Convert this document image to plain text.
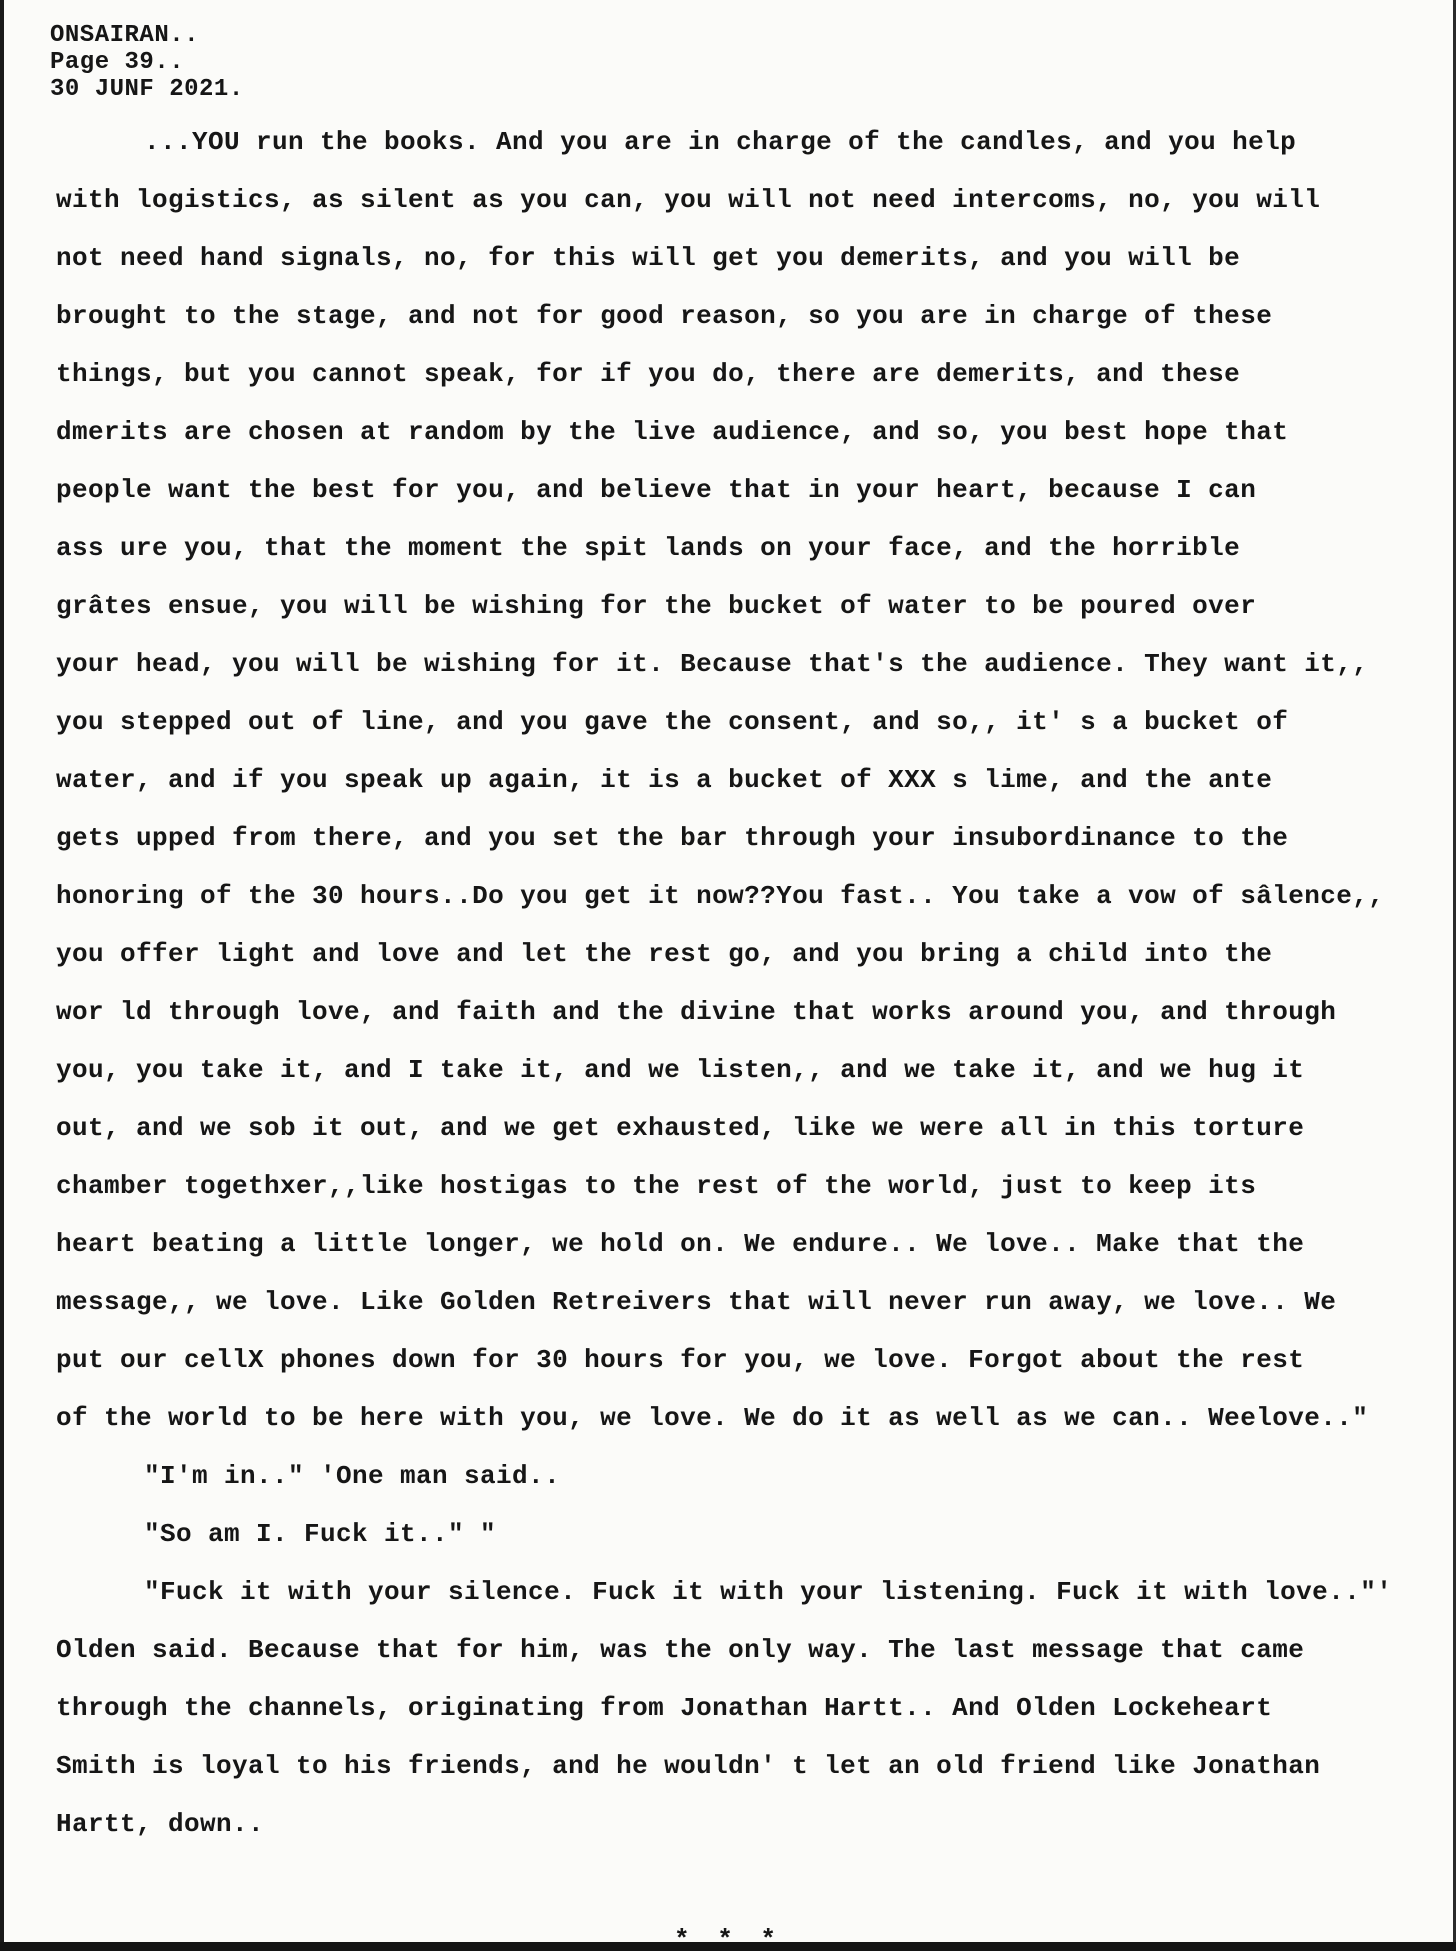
ONSAIRAN..
Page 39..
30 JUNF 2021.
...YOU run the books. And you are in charge of the candles, and you help
with logistics, as silent as you can, you will not need intercoms, no, you will
not need hand signals, no, for this will get you demerits, and you will be
brought to the stage, and not for good reason, so you are in charge of these
things, but you cannot speak, for if you do, there are demerits, and these
dmerits are chosen at random by the live audience, and so, you best hope that
people want the best for you, and believe that in your heart, because I can
ass ure you, that the moment the spit lands on your face, and the horrible
grâtes ensue, you will be wishing for the bucket of water to be poured over
your head, you will be wishing for it. Because that's the audience. They want it,,
you stepped out of line, and you gave the consent, and so,, it' s a bucket of
water, and if you speak up again, it is a bucket of XXX s lime, and the ante
gets upped from there, and you set the bar through your insubordinance to the
honoring of the 30 hours..Do you get it now??You fast.. You take a vow of sâlence,,
you offer light and love and let the rest go, and you bring a child into the
wor ld through love, and faith and the divine that works around you, and through
you, you take it, and I take it, and we listen,, and we take it, and we hug it
out, and we sob it out, and we get exhausted, like we were all in this torture
chamber togethxer,,like hostigas to the rest of the world, just to keep its
heart beating a little longer, we hold on. We endure.. We love.. Make that the
message,, we love. Like Golden Retreivers that will never run away, we love.. We
put our cellX phones down for 30 hours for you, we love. Forgot about the rest
of the world to be here with you, we love. We do it as well as we can.. Weelove.."
"I'm in.." 'One man said..
"So am I. Fuck it.." "
"Fuck it with your silence. Fuck it with your listening. Fuck it with love.."'
Olden said. Because that for him, was the only way. The last message that came
through the channels, originating from Jonathan Hartt.. And Olden Lockeheart
Smith is loyal to his friends, and he wouldn' t let an old friend like Jonathan
Hartt, down..
* * *
